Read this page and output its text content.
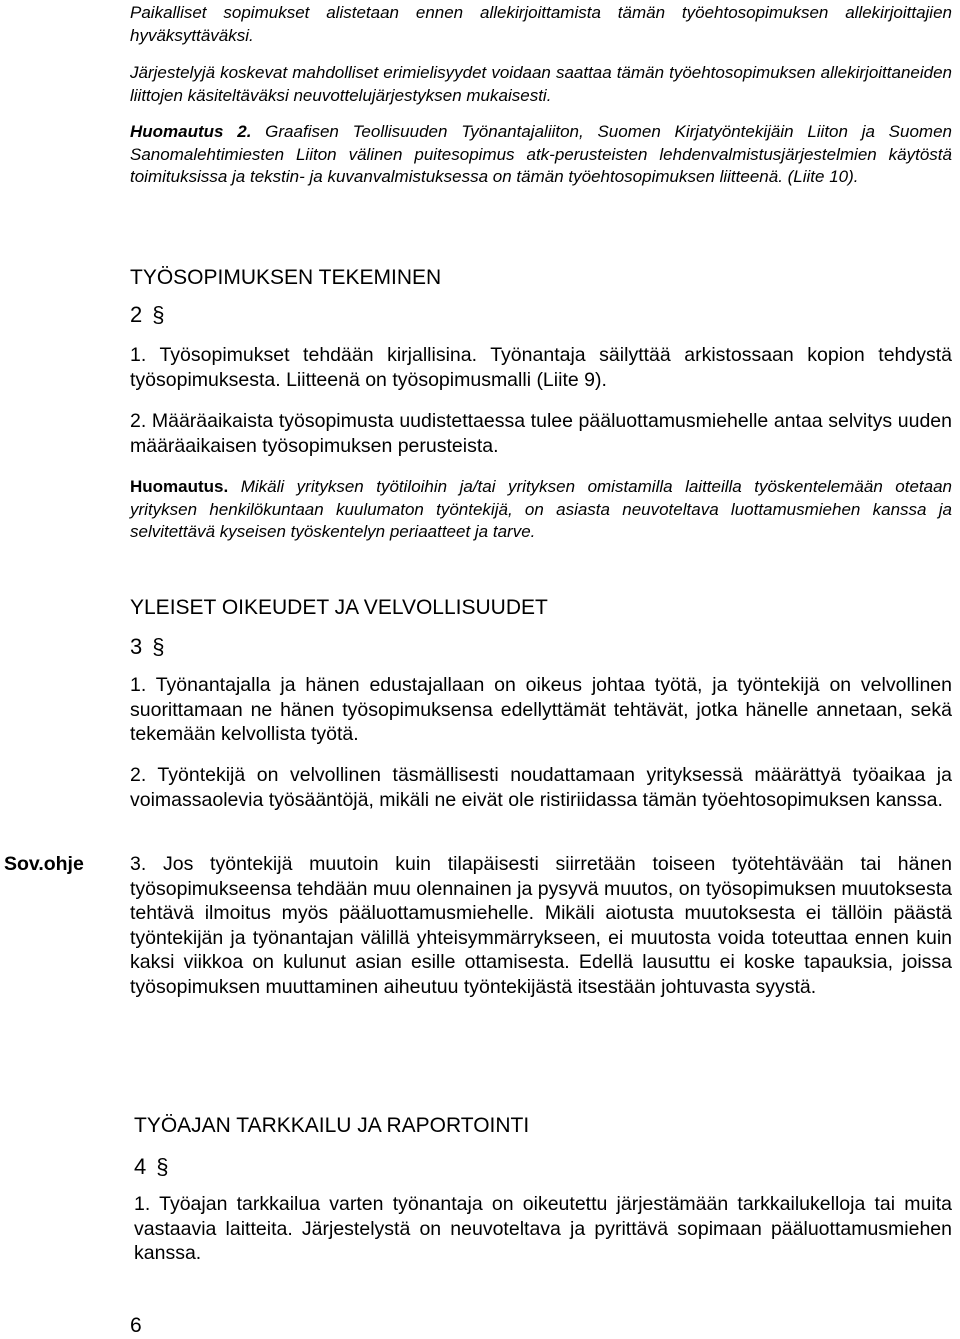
Paikalliset sopimukset alistetaan ennen allekirjoittamista tämän työehtosopimuksen allekirjoittajien hyväksyttäväksi.

Järjestelyjä koskevat mahdolliset erimielisyydet voidaan saattaa tämän työehtosopimuksen allekirjoittaneiden liittojen käsiteltäväksi neuvottelujärjestyksen mukaisesti.

Huomautus 2. Graafisen Teollisuuden Työnantajaliiton, Suomen Kirjatyöntekijäin Liiton ja Suomen Sanomalehtimiesten Liiton välinen puitesopimus atk-perusteisten lehdenvalmistusjärjestelmien käytöstä toimituksissa ja tekstin- ja kuvanvalmistuksessa on tämän työehtosopimuksen liitteenä. (Liite 10).

TYÖSOPIMUKSEN TEKEMINEN
2 §

1. Työsopimukset tehdään kirjallisina. Työnantaja säilyttää arkistossaan kopion tehdystä työsopimuksesta. Liitteenä on työsopimusmalli (Liite 9).

2. Määräaikaista työsopimusta uudistettaessa tulee pääluottamusmiehelle antaa selvitys uuden määräaikaisen työsopimuksen perusteista.

Huomautus. Mikäli yrityksen työtiloihin ja/tai yrityksen omistamilla laitteilla työskentelemään otetaan yrityksen henkilökuntaan kuulumaton työntekijä, on asiasta neuvoteltava luottamusmiehen kanssa ja selvitettävä kyseisen työskentelyn periaatteet ja tarve.

YLEISET OIKEUDET JA VELVOLLISUUDET
3 §

1. Työnantajalla ja hänen edustajallaan on oikeus johtaa työtä, ja työntekijä on velvollinen suorittamaan ne hänen työsopimuksensa edellyttämät tehtävät, jotka hänelle annetaan, sekä tekemään kelvollista työtä.

2. Työntekijä on velvollinen täsmällisesti noudattamaan yrityksessä määrättyä työaikaa ja voimassaolevia työsääntöjä, mikäli ne eivät ole ristiriidassa tämän työehtosopimuksen kanssa.

Sov.ohje 3. Jos työntekijä muutoin kuin tilapäisesti siirretään toiseen työtehtävään tai hänen työsopimukseensa tehdään muu olennainen ja pysyvä muutos, on työsopimuksen muutoksesta tehtävä ilmoitus myös pääluottamusmiehelle. Mikäli aiotusta muutoksesta ei tällöin päästä työntekijän ja työnantajan välillä yhteisymmärrykseen, ei muutosta voida toteuttaa ennen kuin kaksi viikkoa on kulunut asian esille ottamisesta. Edellä lausuttu ei koske tapauksia, joissa työsopimuksen muuttaminen aiheutuu työntekijästä itsestään johtuvasta syystä.

TYÖAJAN TARKKAILU JA RAPORTOINTI
4 §

1. Työajan tarkkailua varten työnantaja on oikeutettu järjestämään tarkkailukelloja tai muita vastaavia laitteita. Järjestelystä on neuvoteltava ja pyrittävä sopimaan pääluottamusmiehen kanssa.

6
